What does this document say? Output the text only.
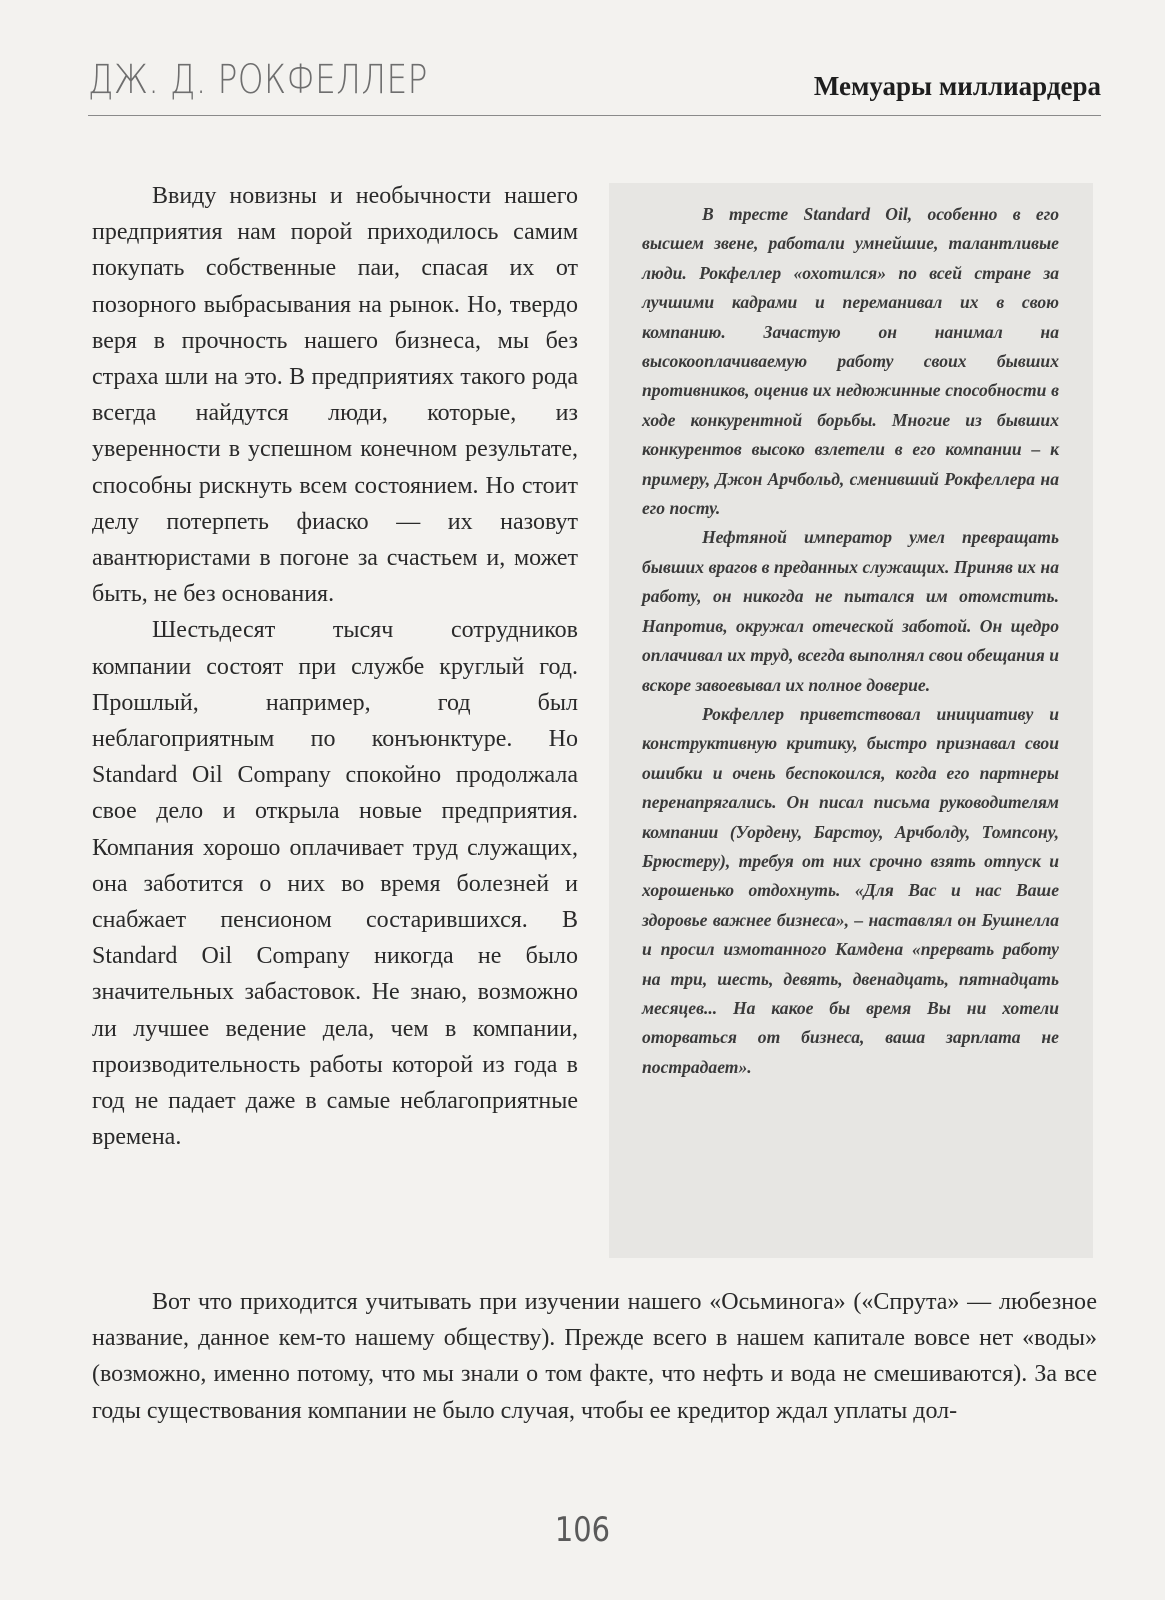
ДЖ. Д. РОКФЕЛЛЕР	Мемуары миллиардера

Ввиду новизны и необычности нашего предприятия нам порой приходилось самим покупать собственные паи, спасая их от позорного выбрасывания на рынок. Но, твердо веря в прочность нашего бизнеса, мы без страха шли на это. В предприятиях такого рода всегда найдутся люди, которые, из уверенности в успешном конечном результате, способны рискнуть всем состоянием. Но стоит делу потерпеть фиаско — их назовут авантюристами в погоне за счастьем и, может быть, не без основания.

Шестьдесят тысяч сотрудников компании состоят при службе круглый год. Прошлый, например, год был неблагоприятным по конъюнктуре. Но Standard Oil Company спокойно продолжала свое дело и открыла новые предприятия. Компания хорошо оплачивает труд служащих, она заботится о них во время болезней и снабжает пенсионом состарившихся. В Standard Oil Company никогда не было значительных забастовок. Не знаю, возможно ли лучшее ведение дела, чем в компании, производительность работы которой из года в год не падает даже в самые неблагоприятные времена.

В тресте Standard Oil, особенно в его высшем звене, работали умнейшие, талантливые люди. Рокфеллер «охотился» по всей стране за лучшими кадрами и переманивал их в свою компанию. Зачастую он нанимал на высокооплачиваемую работу своих бывших противников, оценив их недюжинные способности в ходе конкурентной борьбы. Многие из бывших конкурентов высоко взлетели в его компании – к примеру, Джон Арчбольд, сменивший Рокфеллера на его посту.

Нефтяной император умел превращать бывших врагов в преданных служащих. Приняв их на работу, он никогда не пытался им отомстить. Напротив, окружал отеческой заботой. Он щедро оплачивал их труд, всегда выполнял свои обещания и вскоре завоевывал их полное доверие.

Рокфеллер приветствовал инициативу и конструктивную критику, быстро признавал свои ошибки и очень беспокоился, когда его партнеры перенапрягались. Он писал письма руководителям компании (Уордену, Барстоу, Арчболду, Томпсону, Брюстеру), требуя от них срочно взять отпуск и хорошенько отдохнуть. «Для Вас и нас Ваше здоровье важнее бизнеса», – наставлял он Бушнелла и просил измотанного Камдена «прервать работу на три, шесть, девять, двенадцать, пятнадцать месяцев... На какое бы время Вы ни хотели оторваться от бизнеса, ваша зарплата не пострадает».

Вот что приходится учитывать при изучении нашего «Осьминога» («Спрута» — любезное название, данное кем-то нашему обществу). Прежде всего в нашем капитале вовсе нет «воды» (возможно, именно потому, что мы знали о том факте, что нефть и вода не смешиваются). За все годы существования компании не было случая, чтобы ее кредитор ждал уплаты дол-

106
